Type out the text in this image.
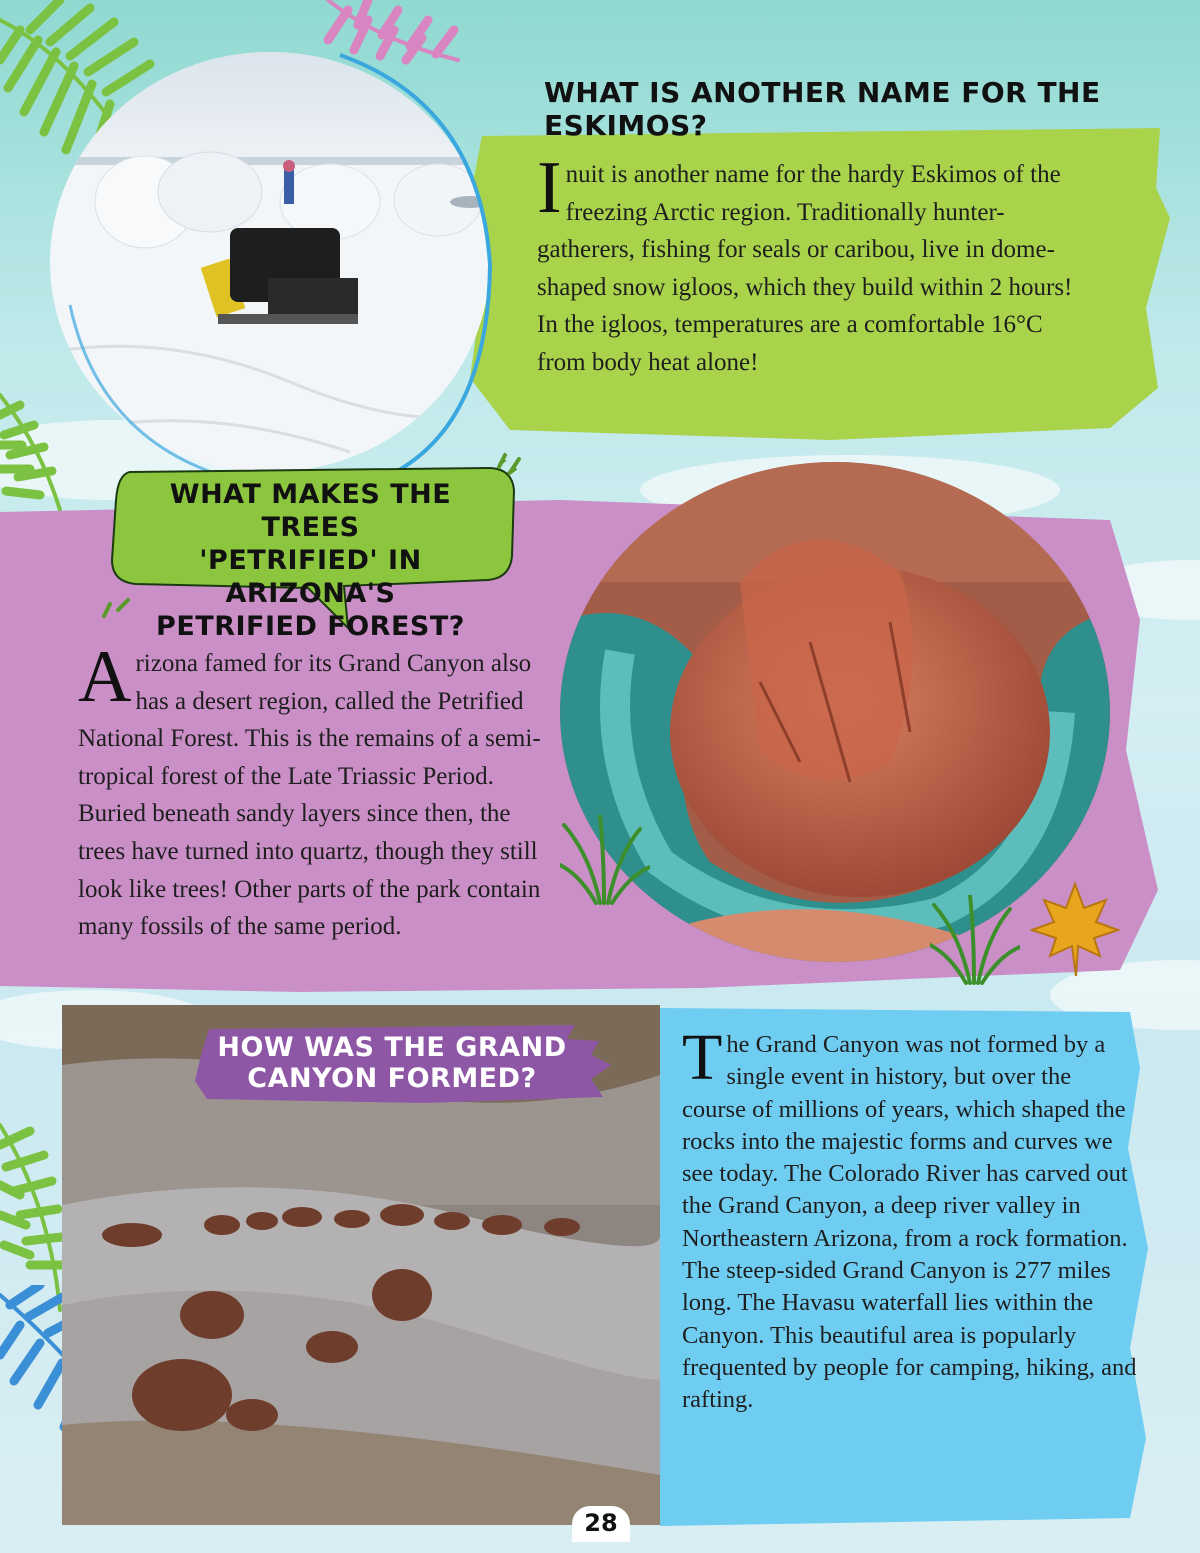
WHAT IS ANOTHER NAME FOR THE ESKIMOS?

Inuit is another name for the hardy Eskimos of the freezing Arctic region. Traditionally hunter-gatherers, fishing for seals or caribou, live in dome-shaped snow igloos, which they build within 2 hours! In the igloos, temperatures are a comfortable 16°C from body heat alone!

WHAT MAKES THE TREES
'PETRIFIED' IN ARIZONA'S
PETRIFIED FOREST?

Arizona famed for its Grand Canyon also has a desert region, called the Petrified National Forest. This is the remains of a semi-tropical forest of the Late Triassic Period. Buried beneath sandy layers since then, the trees have turned into quartz, though they still look like trees! Other parts of the park contain many fossils of the same period.

HOW WAS THE GRAND
CANYON FORMED?	The Grand Canyon was not formed by a single event in history, but over the course of millions of years, which shaped the rocks into the majestic forms and curves we see today. The Colorado River has carved out the Grand Canyon, a deep river valley in Northeastern Arizona, from a rock formation. The steep-sided Grand Canyon is 277 miles long. The Havasu waterfall lies within the Canyon. This beautiful area is popularly frequented by people for camping, hiking, and rafting.

28
